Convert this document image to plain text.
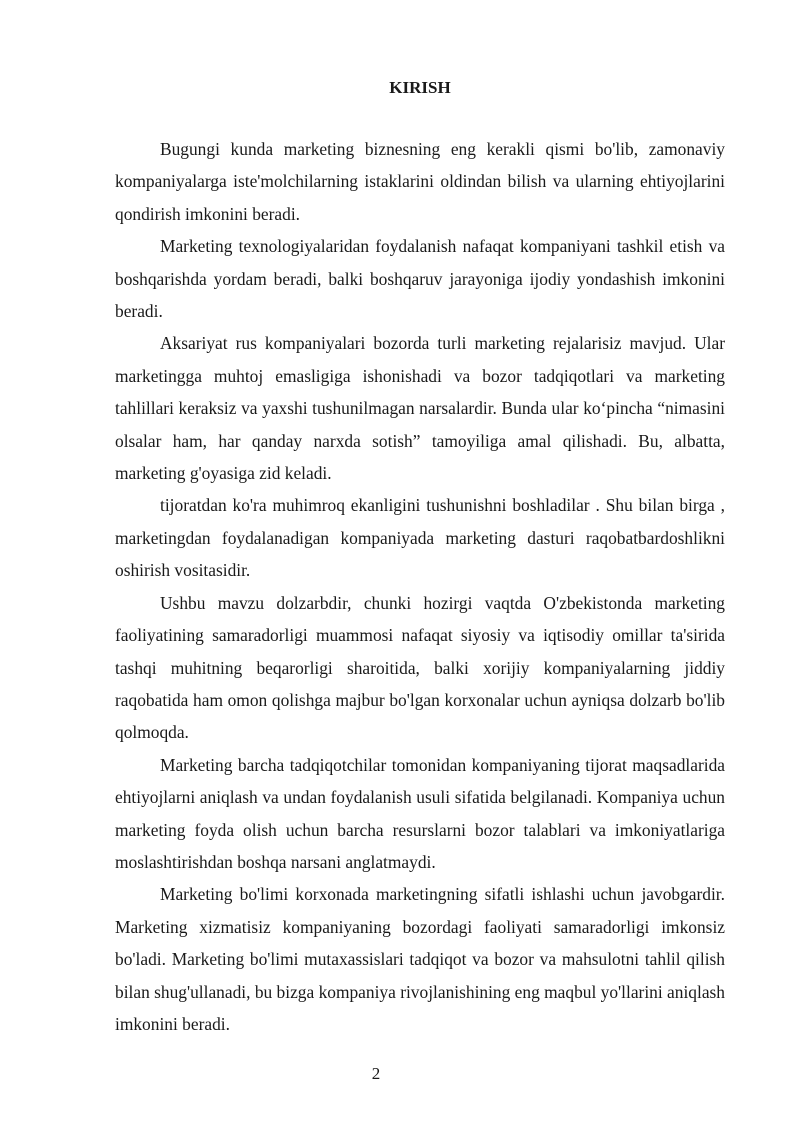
KIRISH

Bugungi kunda marketing biznesning eng kerakli qismi bo'lib, zamonaviy kompaniyalarga iste'molchilarning istaklarini oldindan bilish va ularning ehtiyojlarini qondirish imkonini beradi.

Marketing texnologiyalaridan foydalanish nafaqat kompaniyani tashkil etish va boshqarishda yordam beradi, balki boshqaruv jarayoniga ijodiy yondashish imkonini beradi.

Aksariyat rus kompaniyalari bozorda turli marketing rejalarisiz mavjud. Ular marketingga muhtoj emasligiga ishonishadi va bozor tadqiqotlari va marketing tahlillari keraksiz va yaxshi tushunilmagan narsalardir. Bunda ular koʻpincha “nimasini olsalar ham, har qanday narxda sotish” tamoyiliga amal qilishadi. Bu, albatta, marketing g'oyasiga zid keladi.

tijoratdan ko'ra muhimroq ekanligini tushunishni boshladilar . Shu bilan birga , marketingdan foydalanadigan kompaniyada marketing dasturi raqobatbardoshlikni oshirish vositasidir.

Ushbu mavzu dolzarbdir, chunki hozirgi vaqtda O'zbekistonda marketing faoliyatining samaradorligi muammosi nafaqat siyosiy va iqtisodiy omillar ta'sirida tashqi muhitning beqarorligi sharoitida, balki xorijiy kompaniyalarning jiddiy raqobatida ham omon qolishga majbur bo'lgan korxonalar uchun ayniqsa dolzarb bo'lib qolmoqda.

Marketing barcha tadqiqotchilar tomonidan kompaniyaning tijorat maqsadlarida ehtiyojlarni aniqlash va undan foydalanish usuli sifatida belgilanadi. Kompaniya uchun marketing foyda olish uchun barcha resurslarni bozor talablari va imkoniyatlariga moslashtirishdan boshqa narsani anglatmaydi.

Marketing bo'limi korxonada marketingning sifatli ishlashi uchun javobgardir. Marketing xizmatisiz kompaniyaning bozordagi faoliyati samaradorligi imkonsiz bo'ladi. Marketing bo'limi mutaxassislari tadqiqot va bozor va mahsulotni tahlil qilish bilan shug'ullanadi, bu bizga kompaniya rivojlanishining eng maqbul yo'llarini aniqlash imkonini beradi.

2
